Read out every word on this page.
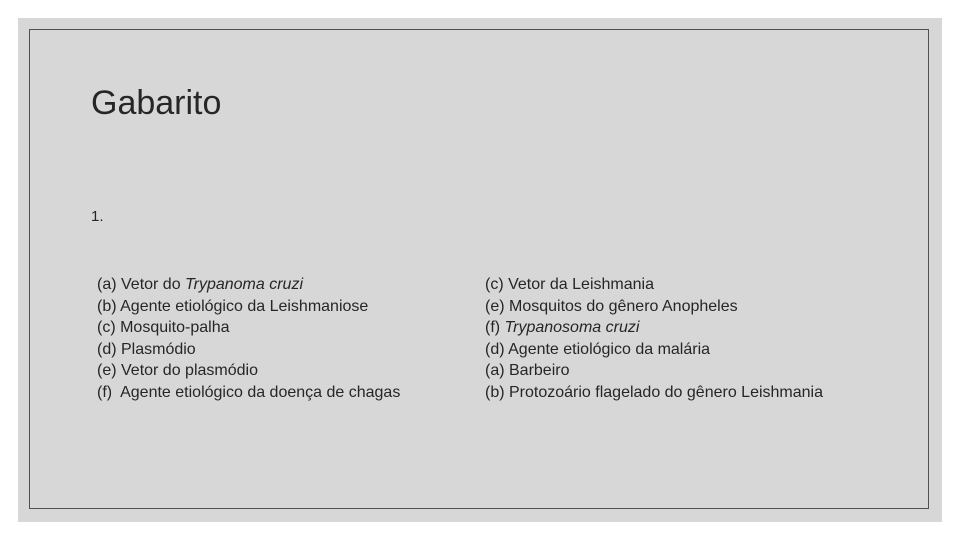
Gabarito
1.
(a) Vetor do Trypanoma cruzi
(b) Agente etiológico da Leishmaniose
(c) Mosquito-palha
(d) Plasmódio
(e) Vetor do plasmódio
(f)  Agente etiológico da doença de chagas
(c) Vetor da Leishmania
(e) Mosquitos do gênero Anopheles
(f) Trypanosoma cruzi
(d) Agente etiológico da malária
(a) Barbeiro
(b) Protozoário flagelado do gênero Leishmania
